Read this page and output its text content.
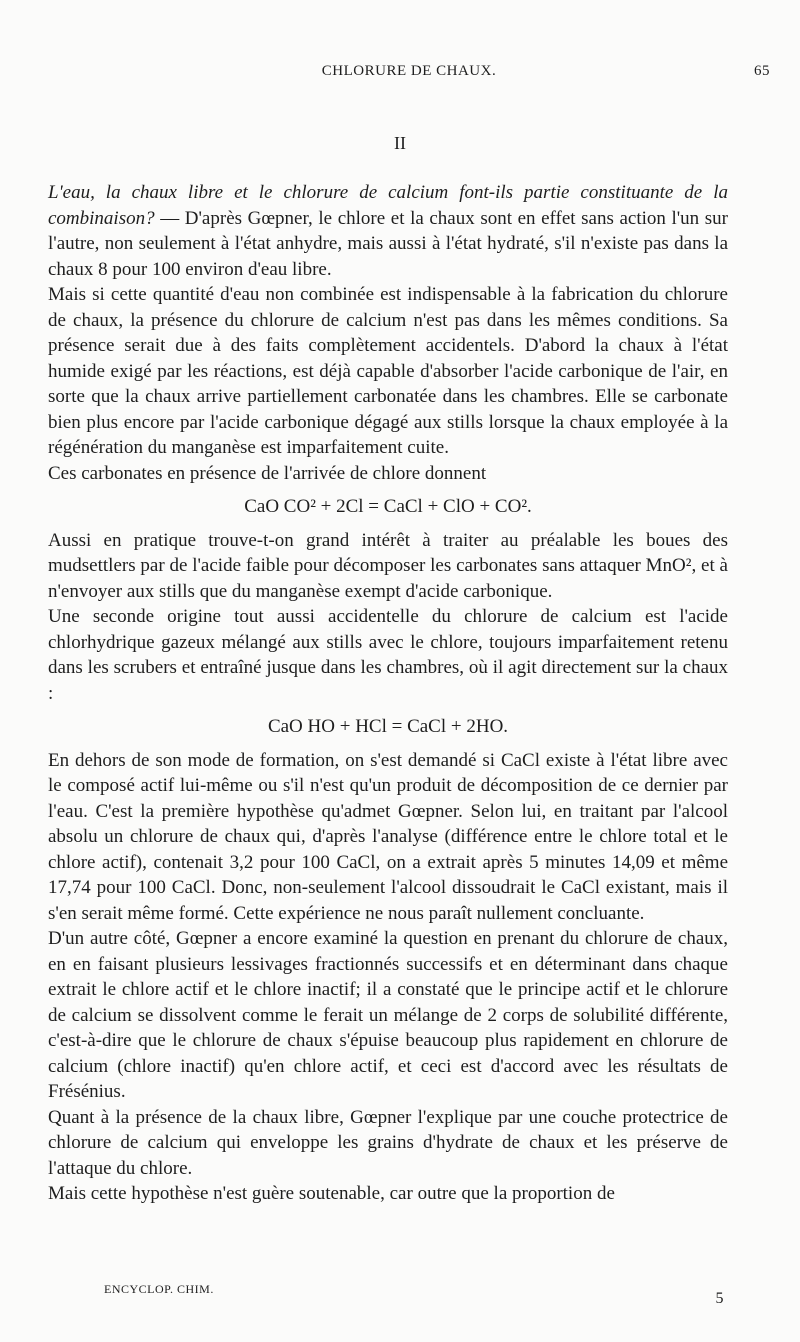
CHLORURE DE CHAUX.	65
II

L'eau, la chaux libre et le chlorure de calcium font-ils partie constituante de la combinaison? — D'après Gœpner, le chlore et la chaux sont en effet sans action l'un sur l'autre, non seulement à l'état anhydre, mais aussi à l'état hydraté, s'il n'existe pas dans la chaux 8 pour 100 environ d'eau libre.

Mais si cette quantité d'eau non combinée est indispensable à la fabrication du chlorure de chaux, la présence du chlorure de calcium n'est pas dans les mêmes conditions. Sa présence serait due à des faits complètement accidentels. D'abord la chaux à l'état humide exigé par les réactions, est déjà capable d'absorber l'acide carbonique de l'air, en sorte que la chaux arrive partiellement carbonatée dans les chambres. Elle se carbonate bien plus encore par l'acide carbonique dégagé aux stills lorsque la chaux employée à la régénération du manganèse est imparfaitement cuite.

Ces carbonates en présence de l'arrivée de chlore donnent

CaO CO² + 2Cl = CaCl + ClO + CO².

Aussi en pratique trouve-t-on grand intérêt à traiter au préalable les boues des mudsettlers par de l'acide faible pour décomposer les carbonates sans attaquer MnO², et à n'envoyer aux stills que du manganèse exempt d'acide carbonique.

Une seconde origine tout aussi accidentelle du chlorure de calcium est l'acide chlorhydrique gazeux mélangé aux stills avec le chlore, toujours imparfaitement retenu dans les scrubers et entraîné jusque dans les chambres, où il agit directement sur la chaux :

CaO HO + HCl = CaCl + 2HO.

En dehors de son mode de formation, on s'est demandé si CaCl existe à l'état libre avec le composé actif lui-même ou s'il n'est qu'un produit de décomposition de ce dernier par l'eau. C'est la première hypothèse qu'admet Gœpner. Selon lui, en traitant par l'alcool absolu un chlorure de chaux qui, d'après l'analyse (différence entre le chlore total et le chlore actif), contenait 3,2 pour 100 CaCl, on a extrait après 5 minutes 14,09 et même 17,74 pour 100 CaCl. Donc, non-seulement l'alcool dissoudrait le CaCl existant, mais il s'en serait même formé. Cette expérience ne nous paraît nullement concluante.

D'un autre côté, Gœpner a encore examiné la question en prenant du chlorure de chaux, en en faisant plusieurs lessivages fractionnés successifs et en déterminant dans chaque extrait le chlore actif et le chlore inactif; il a constaté que le principe actif et le chlorure de calcium se dissolvent comme le ferait un mélange de 2 corps de solubilité différente, c'est-à-dire que le chlorure de chaux s'épuise beaucoup plus rapidement en chlorure de calcium (chlore inactif) qu'en chlore actif, et ceci est d'accord avec les résultats de Frésénius.

Quant à la présence de la chaux libre, Gœpner l'explique par une couche protectrice de chlorure de calcium qui enveloppe les grains d'hydrate de chaux et les préserve de l'attaque du chlore.

Mais cette hypothèse n'est guère soutenable, car outre que la proportion de

ENCYCLOP. CHIM.
5
